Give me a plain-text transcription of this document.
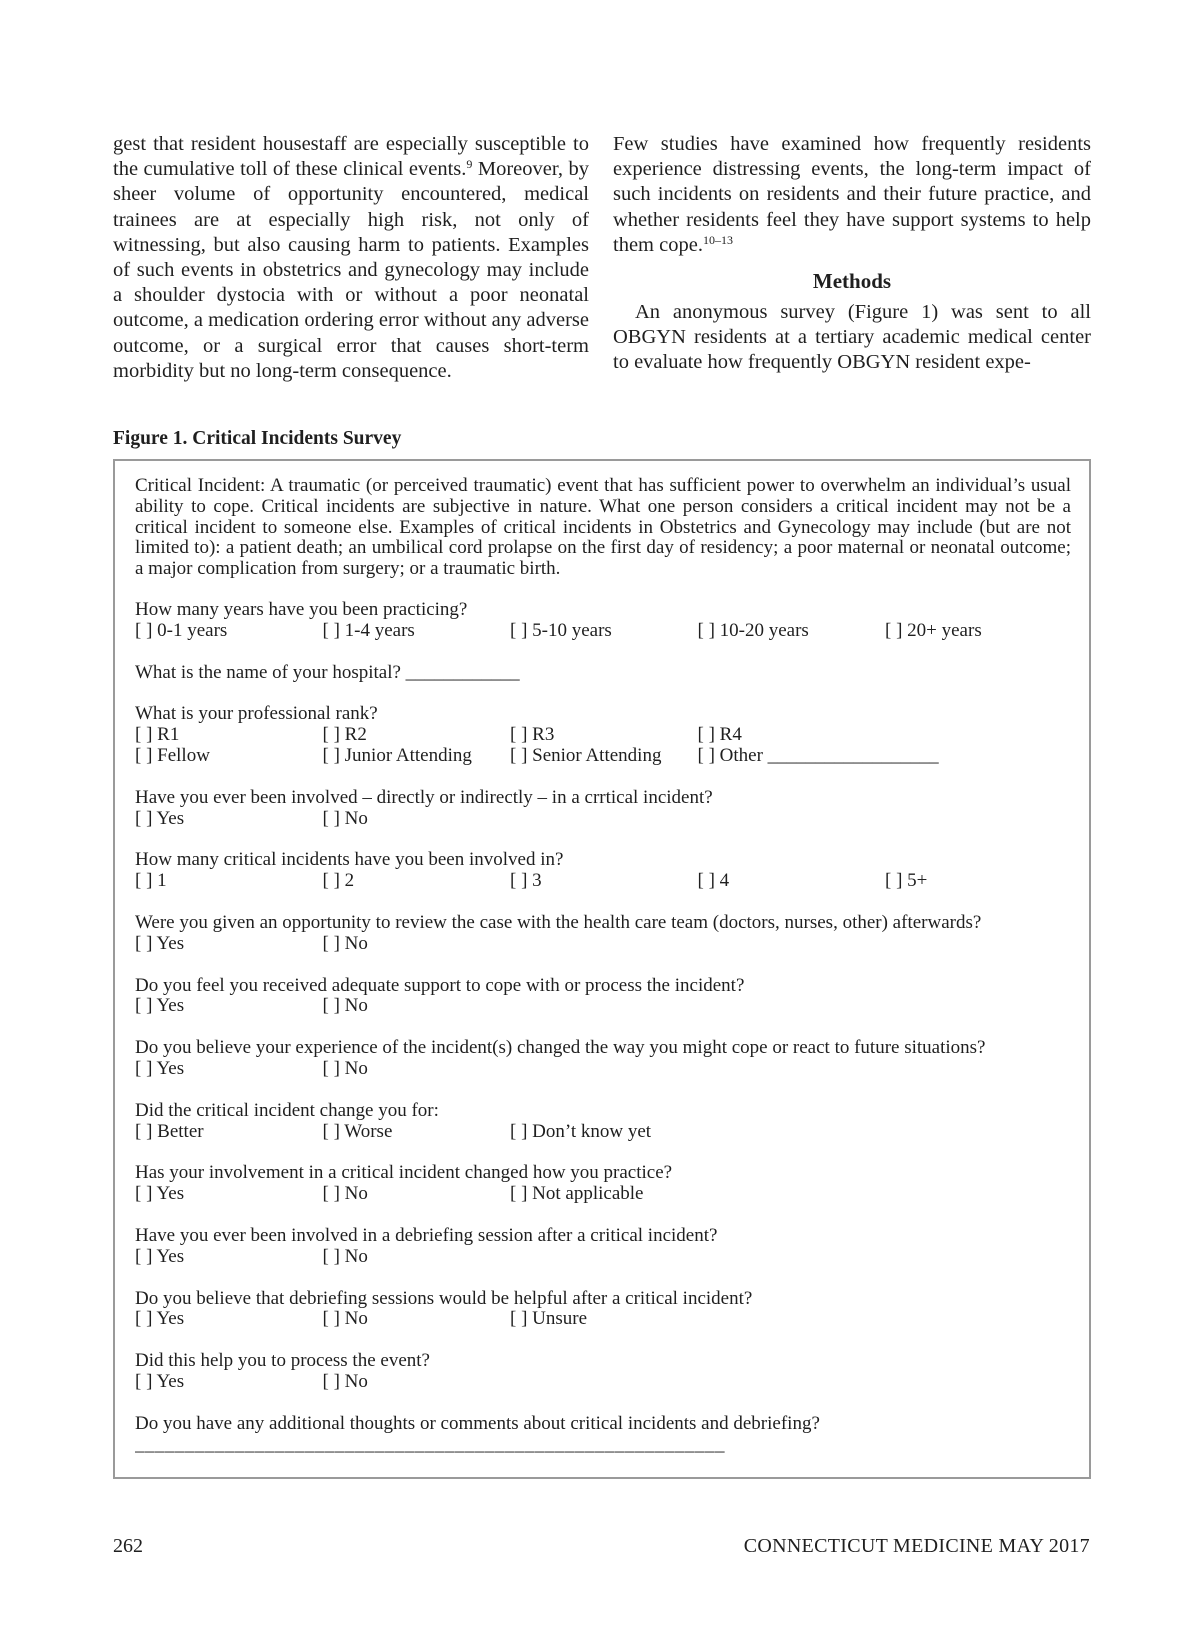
gest that resident housestaff are especially susceptible to the cumulative toll of these clinical events.$^9$ Moreover, by sheer volume of opportunity encountered, medical trainees are at especially high risk, not only of witnessing, but also causing harm to patients. Examples of such events in obstetrics and gynecology may include a shoulder dystocia with or without a poor neonatal outcome, a medication ordering error without any adverse outcome, or a surgical error that causes short-term morbidity but no long-term consequence.

Few studies have examined how frequently residents experience distressing events, the long-term impact of such incidents on residents and their future practice, and whether residents feel they have support systems to help them cope.$^{10-13}$

Methods

An anonymous survey (Figure 1) was sent to all OBGYN residents at a tertiary academic medical center to evaluate how frequently OBGYN resident expe-

Figure 1. Critical Incidents Survey

Critical Incident: A traumatic (or perceived traumatic) event that has sufficient power to overwhelm an individual’s usual ability to cope. Critical incidents are subjective in nature. What one person considers a critical incident may not be a critical incident to someone else. Examples of critical incidents in Obstetrics and Gynecology may include (but are not limited to): a patient death; an umbilical cord prolapse on the first day of residency; a poor maternal or neonatal outcome; a major complication from surgery; or a traumatic birth.

How many years have you been practicing?
[ ] 0-1 years	[ ] 1-4 years	[ ] 5-10 years	[ ] 10-20 years	[ ] 20+ years
What is the name of your hospital? ____________
What is your professional rank?
[ ] R1	[ ] R2	[ ] R3	[ ] R4
[ ] Fellow	[ ] Junior Attending	[ ] Senior Attending	[ ] Other __________________
Have you ever been involved – directly or indirectly – in a crrtical incident?
[ ] Yes	[ ] No
How many critical incidents have you been involved in?
[ ] 1	[ ] 2	[ ] 3	[ ] 4	[ ] 5+
Were you given an opportunity to review the case with the health care team (doctors, nurses, other) afterwards?
[ ] Yes	[ ] No
Do you feel you received adequate support to cope with or process the incident?
[ ] Yes	[ ] No
Do you believe your experience of the incident(s) changed the way you might cope or react to future situations?
[ ] Yes	[ ] No
Did the critical incident change you for:
[ ] Better	[ ] Worse	[ ] Don’t know yet
Has your involvement in a critical incident changed how you practice?
[ ] Yes	[ ] No	[ ] Not applicable
Have you ever been involved in a debriefing session after a critical incident?
[ ] Yes	[ ] No
Do you believe that debriefing sessions would be helpful after a critical incident?
[ ] Yes	[ ] No	[ ] Unsure
Did this help you to process the event?
[ ] Yes	[ ] No
Do you have any additional thoughts or comments about critical incidents and debriefing?
___________________________________________________________
262	CONNECTICUT MEDICINE MAY 2017
